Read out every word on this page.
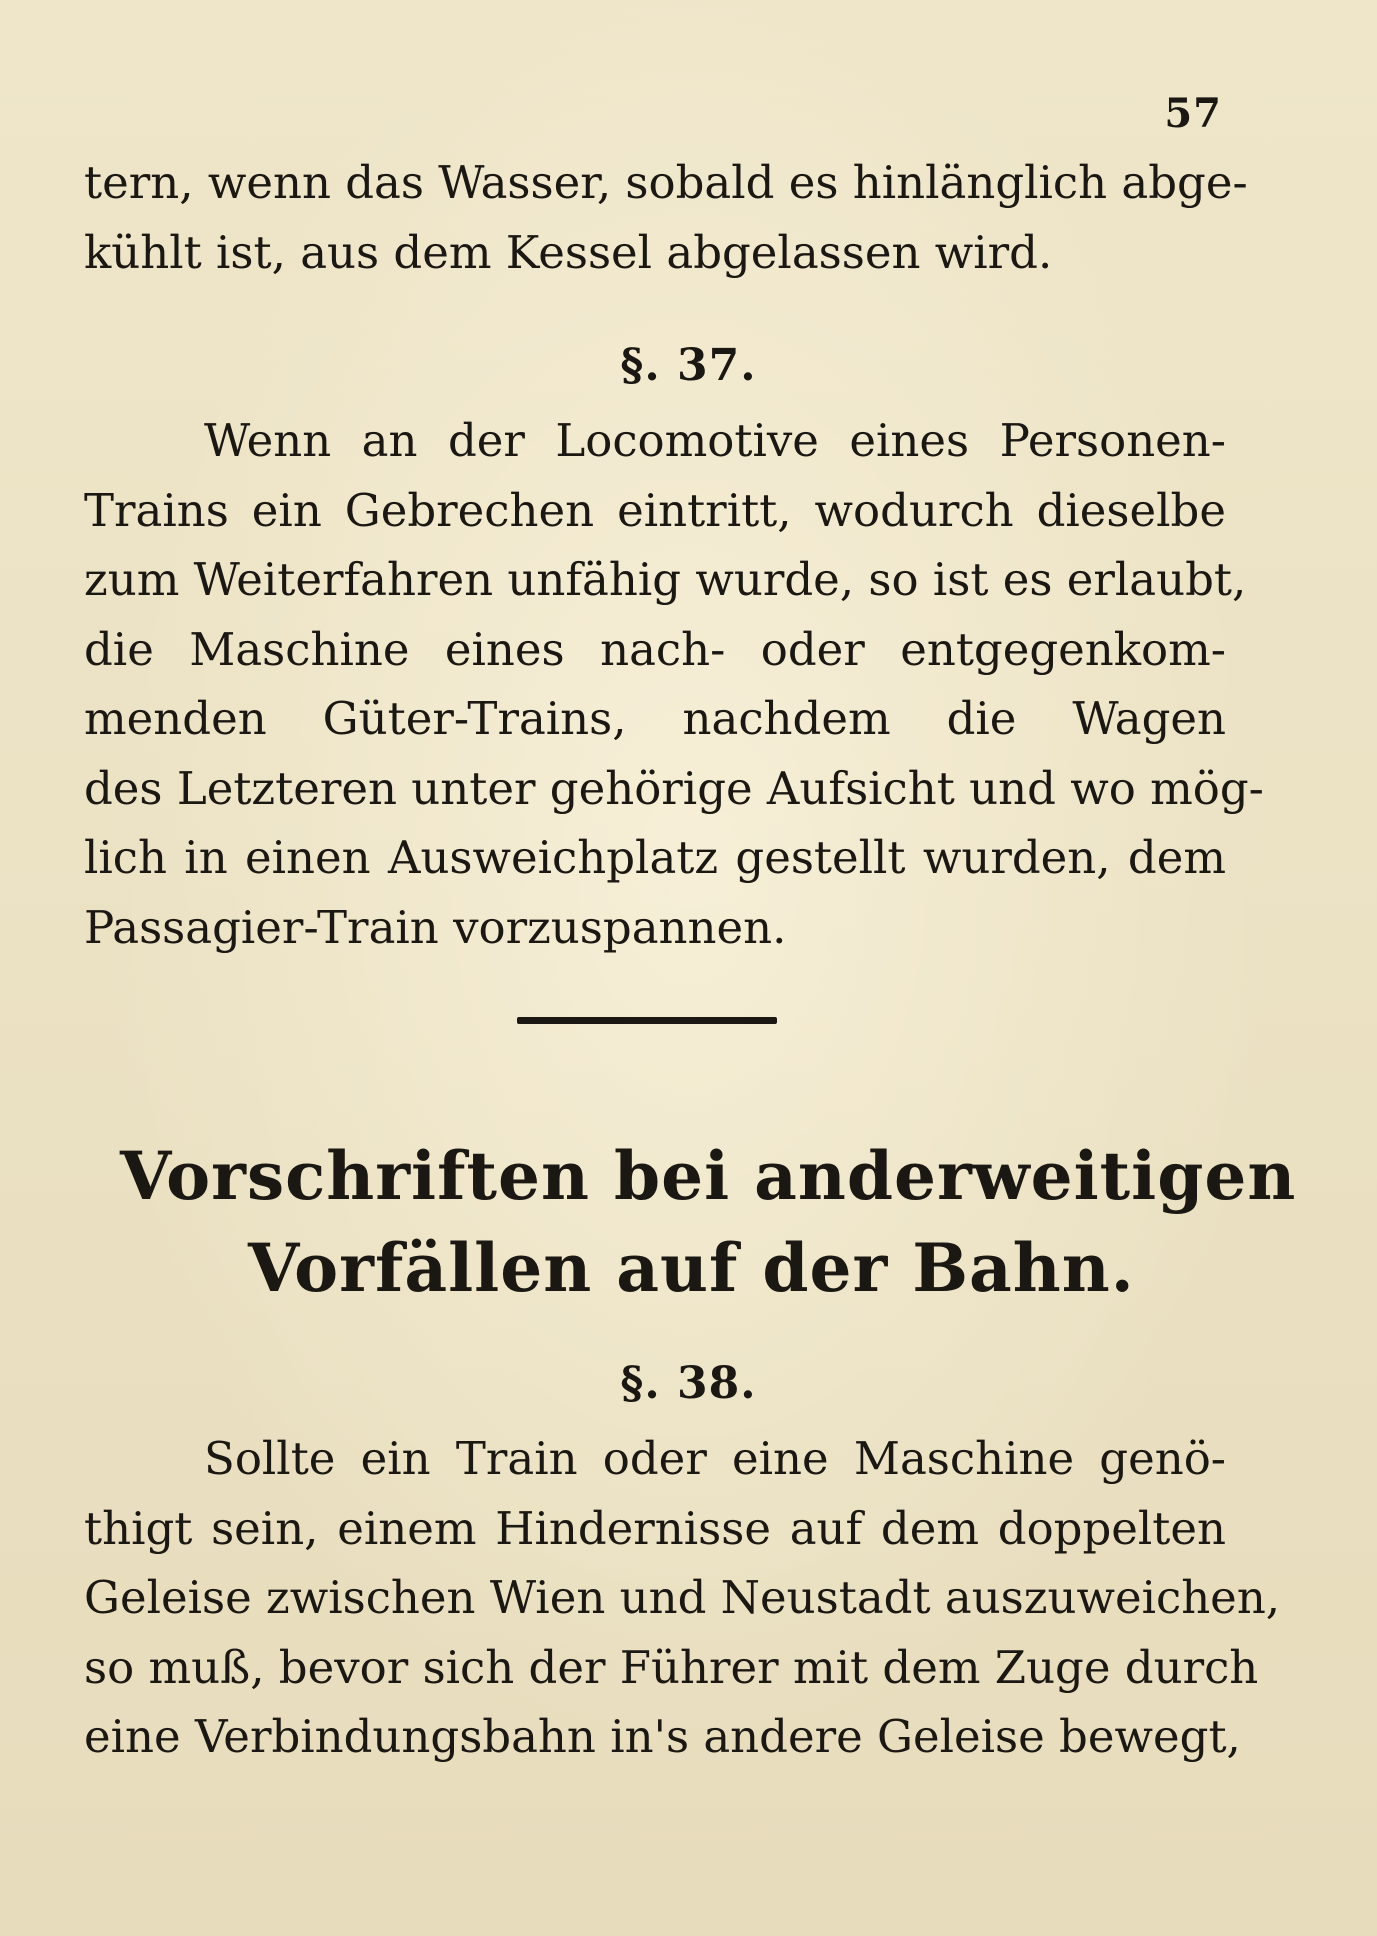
57
tern, wenn das Wasser, sobald es hinlänglich abge-
kühlt ist, aus dem Kessel abgelassen wird.
§. 37.
Wenn an der Locomotive eines Personen-
Trains ein Gebrechen eintritt, wodurch dieselbe
zum Weiterfahren unfähig wurde, so ist es erlaubt,
die Maschine eines nach- oder entgegenkom-
menden Güter-Trains, nachdem die Wagen
des Letzteren unter gehörige Aufsicht und wo mög-
lich in einen Ausweichplatz gestellt wurden, dem
Passagier-Train vorzuspannen.
Vorschriften bei anderweitigen
Vorfällen auf der Bahn.
§. 38.
Sollte ein Train oder eine Maschine genö-
thigt sein, einem Hindernisse auf dem doppelten
Geleise zwischen Wien und Neustadt auszuweichen,
so muß, bevor sich der Führer mit dem Zuge durch
eine Verbindungsbahn in's andere Geleise bewegt,
